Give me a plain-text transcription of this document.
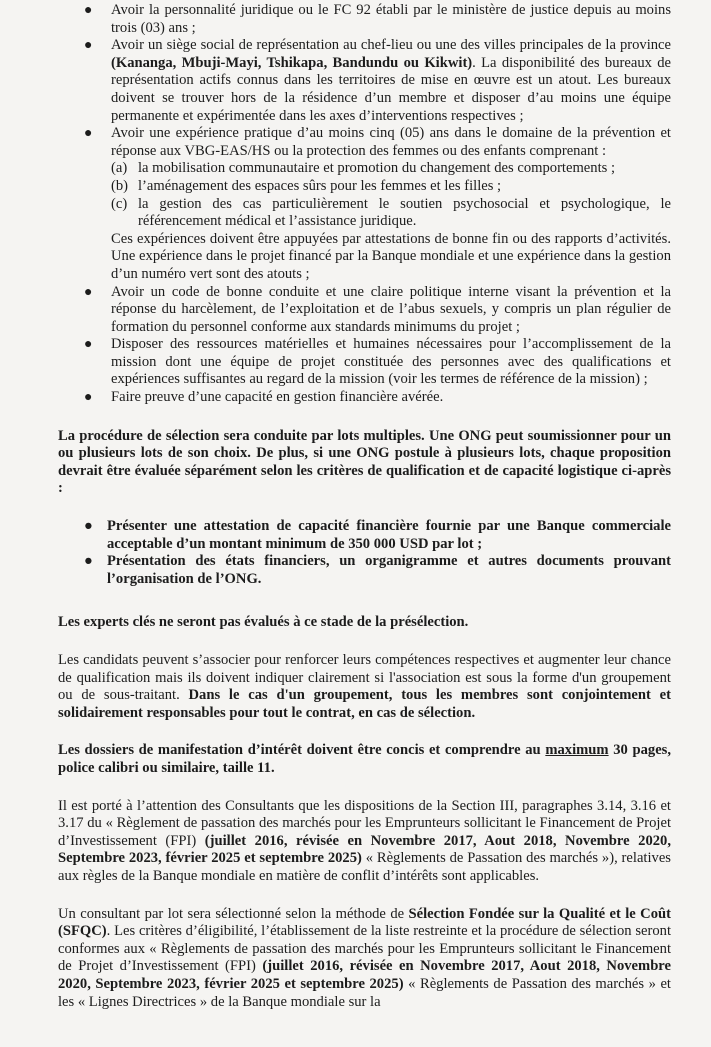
● Avoir la personnalité juridique ou le FC 92 établi par le ministère de justice depuis au moins trois (03) ans ;
● Avoir un siège social de représentation au chef-lieu ou une des villes principales de la province (Kananga, Mbuji-Mayi, Tshikapa, Bandundu ou Kikwit). La disponibilité des bureaux de représentation actifs connus dans les territoires de mise en œuvre est un atout. Les bureaux doivent se trouver hors de la résidence d’un membre et disposer d’au moins une équipe permanente et expérimentée dans les axes d’interventions respectives ;
● Avoir une expérience pratique d’au moins cinq (05) ans dans le domaine de la prévention et réponse aux VBG-EAS/HS ou la protection des femmes ou des enfants comprenant :
(a) la mobilisation communautaire et promotion du changement des comportements ;
(b) l’aménagement des espaces sûrs pour les femmes et les filles ;
(c) la gestion des cas particulièrement le soutien psychosocial et psychologique, le référencement médical et l’assistance juridique.
Ces expériences doivent être appuyées par attestations de bonne fin ou des rapports d’activités. Une expérience dans le projet financé par la Banque mondiale et une expérience dans la gestion d’un numéro vert sont des atouts ;
● Avoir un code de bonne conduite et une claire politique interne visant la prévention et la réponse du harcèlement, de l’exploitation et de l’abus sexuels, y compris un plan régulier de formation du personnel conforme aux standards minimums du projet ;
● Disposer des ressources matérielles et humaines nécessaires pour l’accomplissement de la mission dont une équipe de projet constituée des personnes avec des qualifications et expériences suffisantes au regard de la mission (voir les termes de référence de la mission) ;
● Faire preuve d’une capacité en gestion financière avérée.

La procédure de sélection sera conduite par lots multiples. Une ONG peut soumissionner pour un ou plusieurs lots de son choix. De plus, si une ONG postule à plusieurs lots, chaque proposition devrait être évaluée séparément selon les critères de qualification et de capacité logistique ci-après :

● Présenter une attestation de capacité financière fournie par une Banque commerciale acceptable d’un montant minimum de 350 000 USD par lot ;
● Présentation des états financiers, un organigramme et autres documents prouvant l’organisation de l’ONG.

Les experts clés ne seront pas évalués à ce stade de la présélection.

Les candidats peuvent s’associer pour renforcer leurs compétences respectives et augmenter leur chance de qualification mais ils doivent indiquer clairement si l'association est sous la forme d'un groupement ou de sous-traitant. Dans le cas d'un groupement, tous les membres sont conjointement et solidairement responsables pour tout le contrat, en cas de sélection.

Les dossiers de manifestation d’intérêt doivent être concis et comprendre au maximum 30 pages, police calibri ou similaire, taille 11.

Il est porté à l’attention des Consultants que les dispositions de la Section III, paragraphes 3.14, 3.16 et 3.17 du « Règlement de passation des marchés pour les Emprunteurs sollicitant le Financement de Projet d’Investissement (FPI) (juillet 2016, révisée en Novembre 2017, Aout 2018, Novembre 2020, Septembre 2023, février 2025 et septembre 2025) « Règlements de Passation des marchés »), relatives aux règles de la Banque mondiale en matière de conflit d’intérêts sont applicables.

Un consultant par lot sera sélectionné selon la méthode de Sélection Fondée sur la Qualité et le Coût (SFQC). Les critères d’éligibilité, l’établissement de la liste restreinte et la procédure de sélection seront conformes aux « Règlements de passation des marchés pour les Emprunteurs sollicitant le Financement de Projet d’Investissement (FPI) (juillet 2016, révisée en Novembre 2017, Aout 2018, Novembre 2020, Septembre 2023, février 2025 et septembre 2025) « Règlements de Passation des marchés » et les « Lignes Directrices » de la Banque mondiale sur la
